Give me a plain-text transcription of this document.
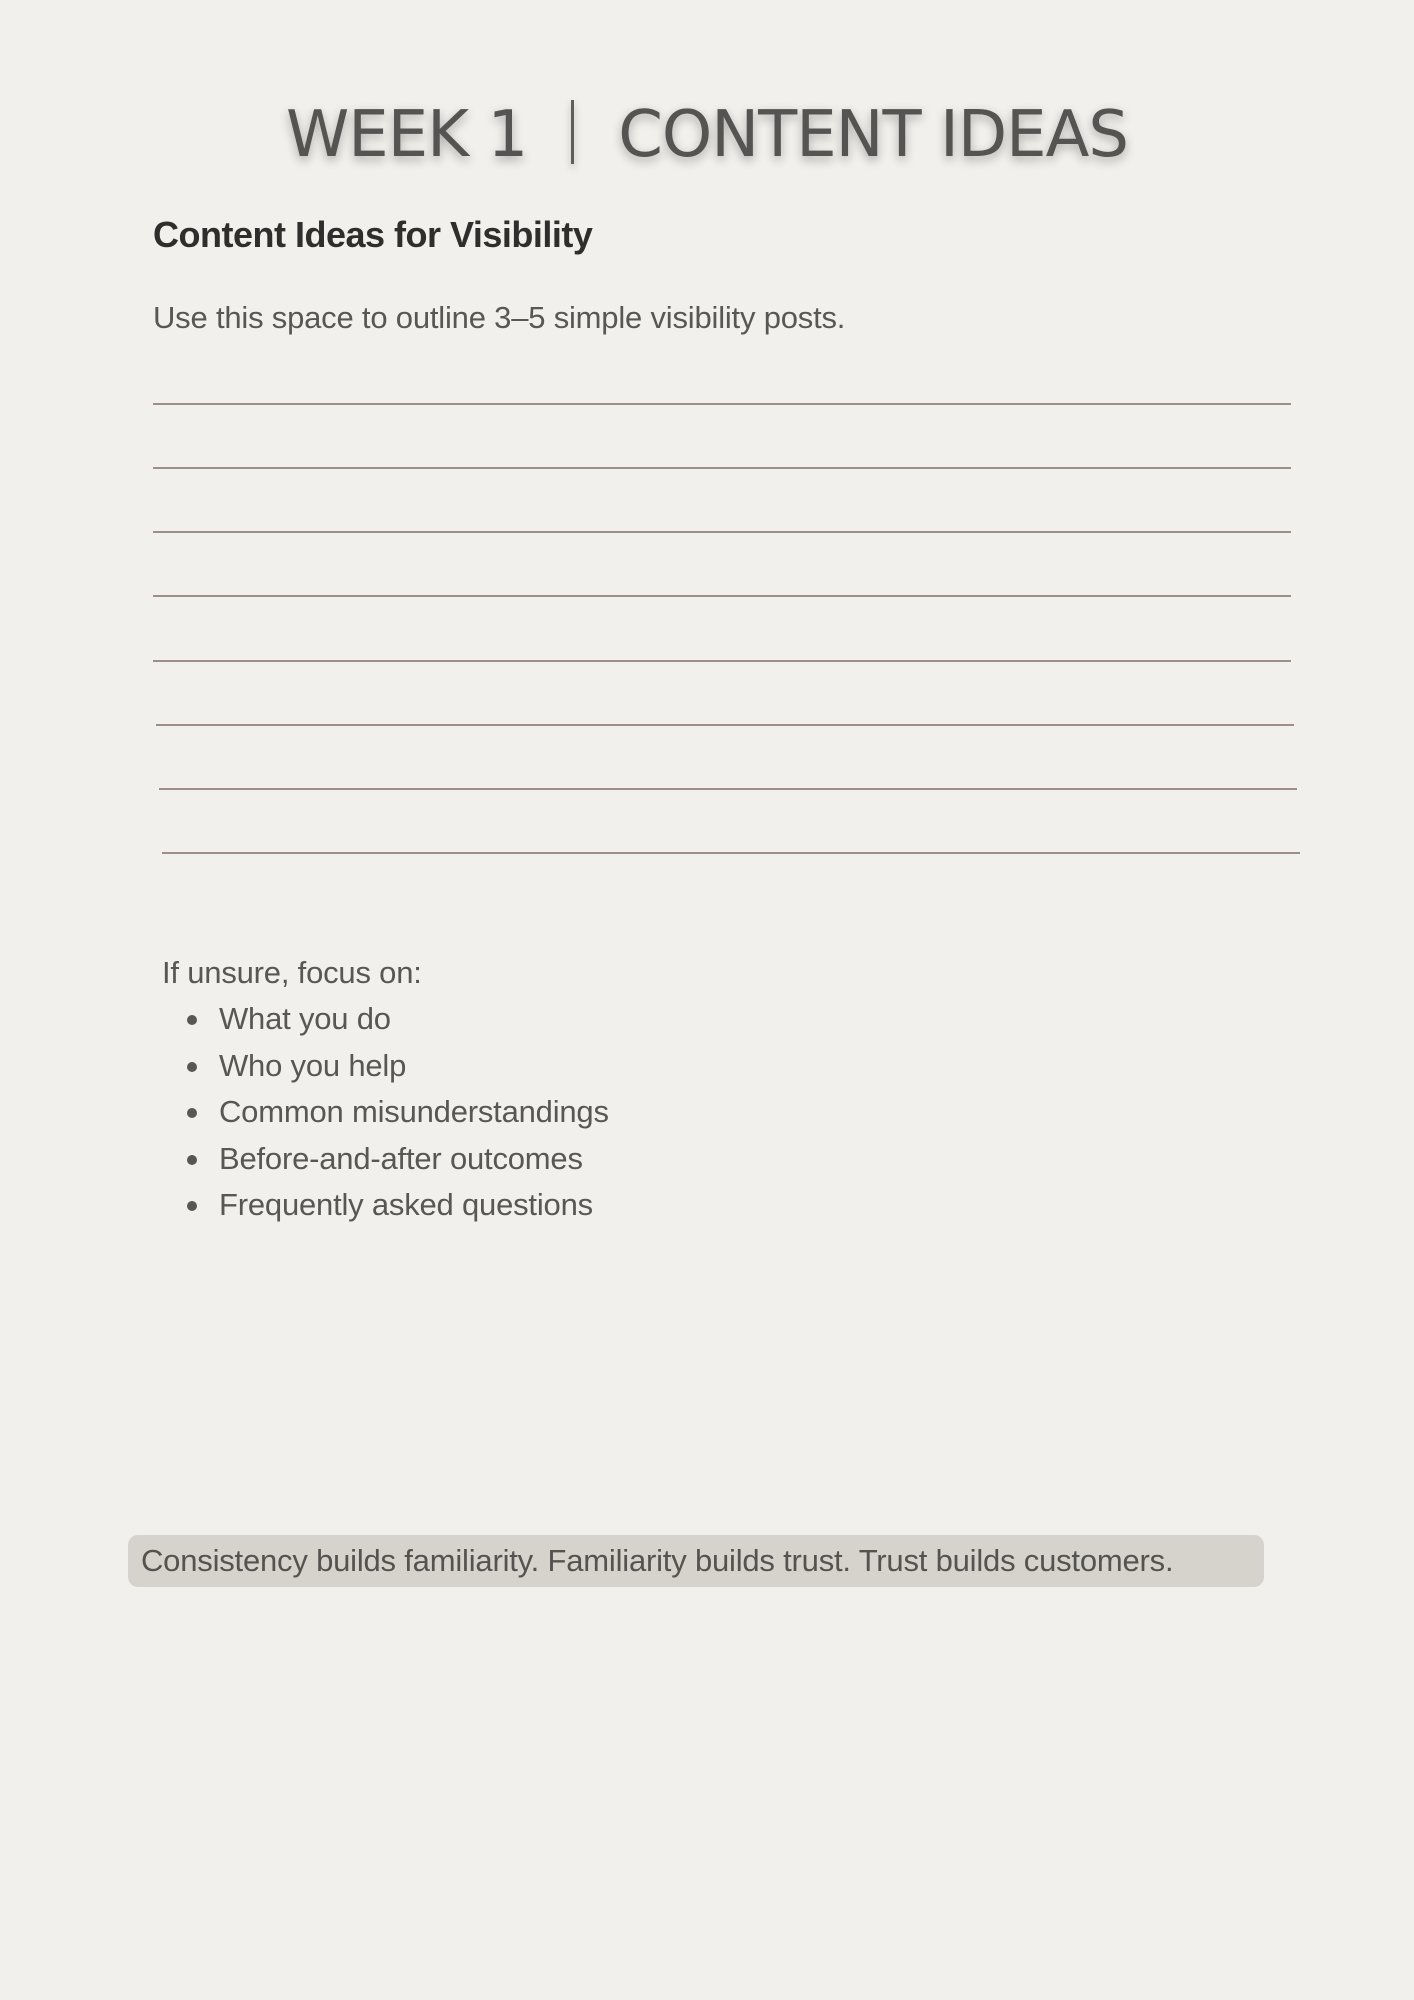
WEEK 1 CONTENT IDEAS
Content Ideas for Visibility

Use this space to outline 3–5 simple visibility posts.

If unsure, focus on:

What you do
Who you help
Common misunderstandings
Before-and-after outcomes
Frequently asked questions
Consistency builds familiarity. Familiarity builds trust. Trust builds customers.
